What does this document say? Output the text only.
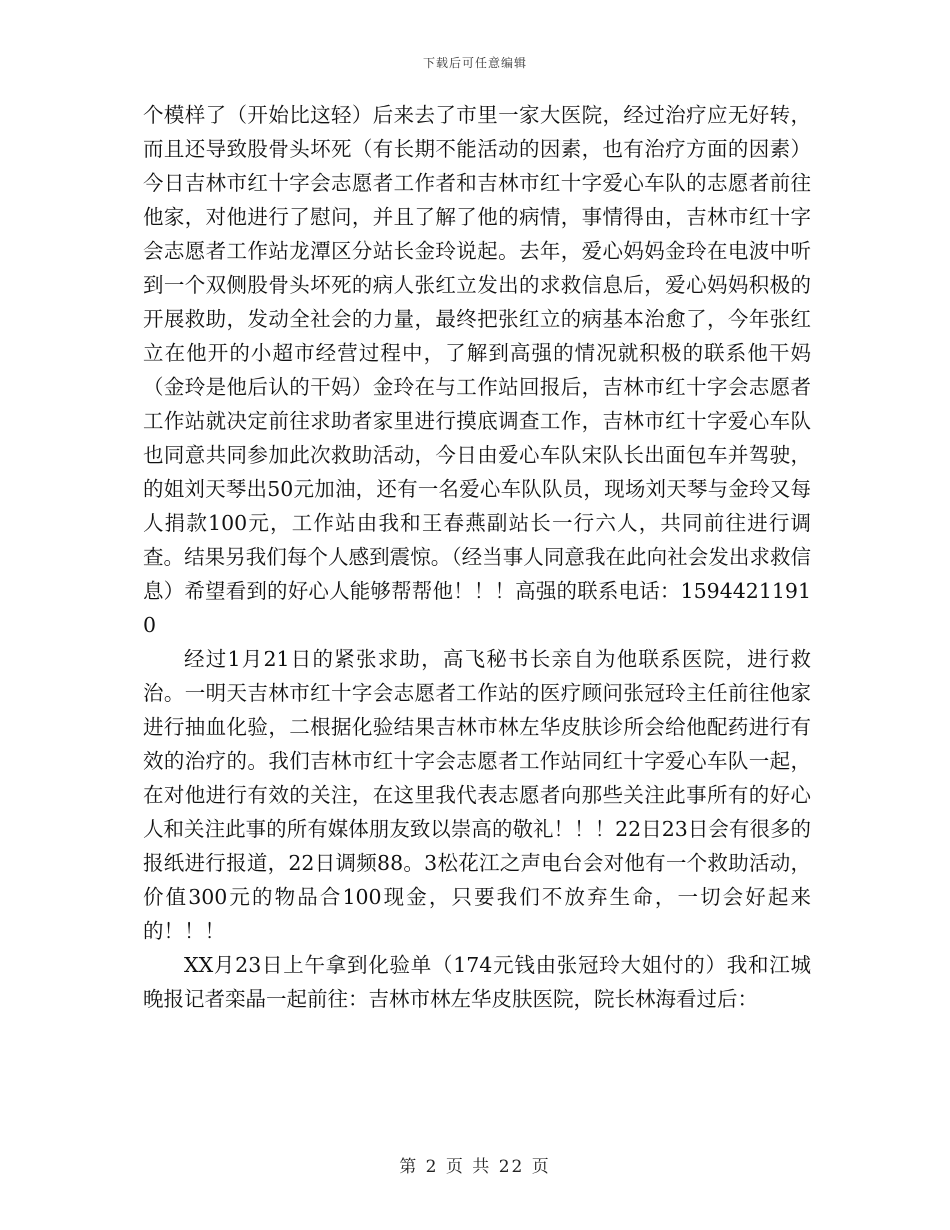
下载后可任意编辑

个模样了（开始比这轻）后来去了市里一家大医院，经过治疗应无好转，而且还导致股骨头坏死（有长期不能活动的因素，也有治疗方面的因素）今日吉林市红十字会志愿者工作者和吉林市红十字爱心车队的志愿者前往他家，对他进行了慰问，并且了解了他的病情，事情得由，吉林市红十字会志愿者工作站龙潭区分站长金玲说起。去年，爱心妈妈金玲在电波中听到一个双侧股骨头坏死的病人张红立发出的求救信息后，爱心妈妈积极的开展救助，发动全社会的力量，最终把张红立的病基本治愈了，今年张红立在他开的小超市经营过程中，了解到高强的情况就积极的联系他干妈（金玲是他后认的干妈）金玲在与工作站回报后，吉林市红十字会志愿者工作站就决定前往求助者家里进行摸底调查工作，吉林市红十字爱心车队也同意共同参加此次救助活动，今日由爱心车队宋队长出面包车并驾驶，的姐刘天琴出50元加油，还有一名爱心车队队员，现场刘天琴与金玲又每人捐款100元，工作站由我和王春燕副站长一行六人，共同前往进行调查。结果另我们每个人感到震惊。（经当事人同意我在此向社会发出求救信息）希望看到的好心人能够帮帮他！！！高强的联系电话：15944211910

经过1月21日的紧张求助，高飞秘书长亲自为他联系医院，进行救治。一明天吉林市红十字会志愿者工作站的医疗顾问张冠玲主任前往他家进行抽血化验，二根据化验结果吉林市林左华皮肤诊所会给他配药进行有效的治疗的。我们吉林市红十字会志愿者工作站同红十字爱心车队一起，在对他进行有效的关注，在这里我代表志愿者向那些关注此事所有的好心人和关注此事的所有媒体朋友致以崇高的敬礼！！！22日23日会有很多的报纸进行报道，22日调频88。3松花江之声电台会对他有一个救助活动，价值300元的物品合100现金，只要我们不放弃生命，一切会好起来的！！！

XX月23日上午拿到化验单（174元钱由张冠玲大姐付的）我和江城晚报记者栾晶一起前往：吉林市林左华皮肤医院，院长林海看过后：

第 2 页 共 22 页
